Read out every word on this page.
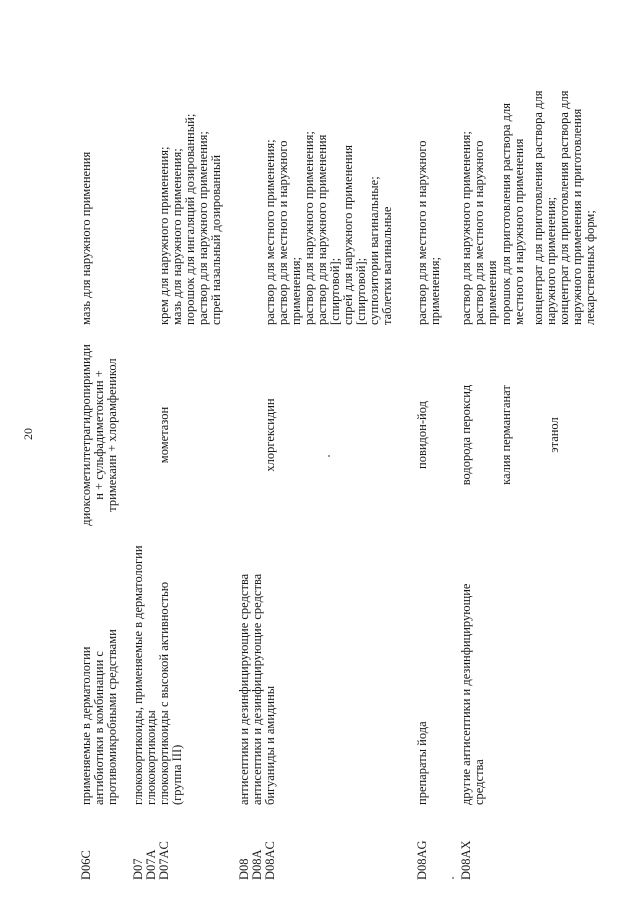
20
D06C
применяемые в дерматологии антибиотики в комбинации с противомикробными средствами
диоксометилтетрагидропиримиди н + сульфадиметоксин + тримекаин + хлорамфеникол
мазь для наружного применения
D07 D07A D07AC
глюкокортикоиды, применяемые в дерматологии глюкокортикоиды глюкокортикоиды с высокой активностью (группа III)
мометазон
крем для наружного применения; мазь для наружного применения; порошок для ингаляций дозированный; раствор для наружного применения; спрей назальный дозированный
D08 D08A D08AC
антисептики и дезинфицирующие средства антисептики и дезинфицирующие средства бигуаниды и амидины
хлоргексидин
раствор для местного применения; раствор для местного и наружного применения; раствор для наружного применения; раствор для наружного применения [спиртовой]; спрей для наружного применения [спиртовой]; суппозитории вагинальные; таблетки вагинальные
D08AG
препараты йода
повидон-йод
раствор для местного и наружного применения;
D08AX
другие антисептики и дезинфицирующие средства
водорода пероксид
раствор для наружного применения; раствор для местного и наружного применения
калия перманганат
порошок для приготовления раствора для местного и наружного применения
этанол
концентрат для приготовления раствора для наружного применения; концентрат для приготовления раствора для наружного применения и приготовления лекарственных форм;
